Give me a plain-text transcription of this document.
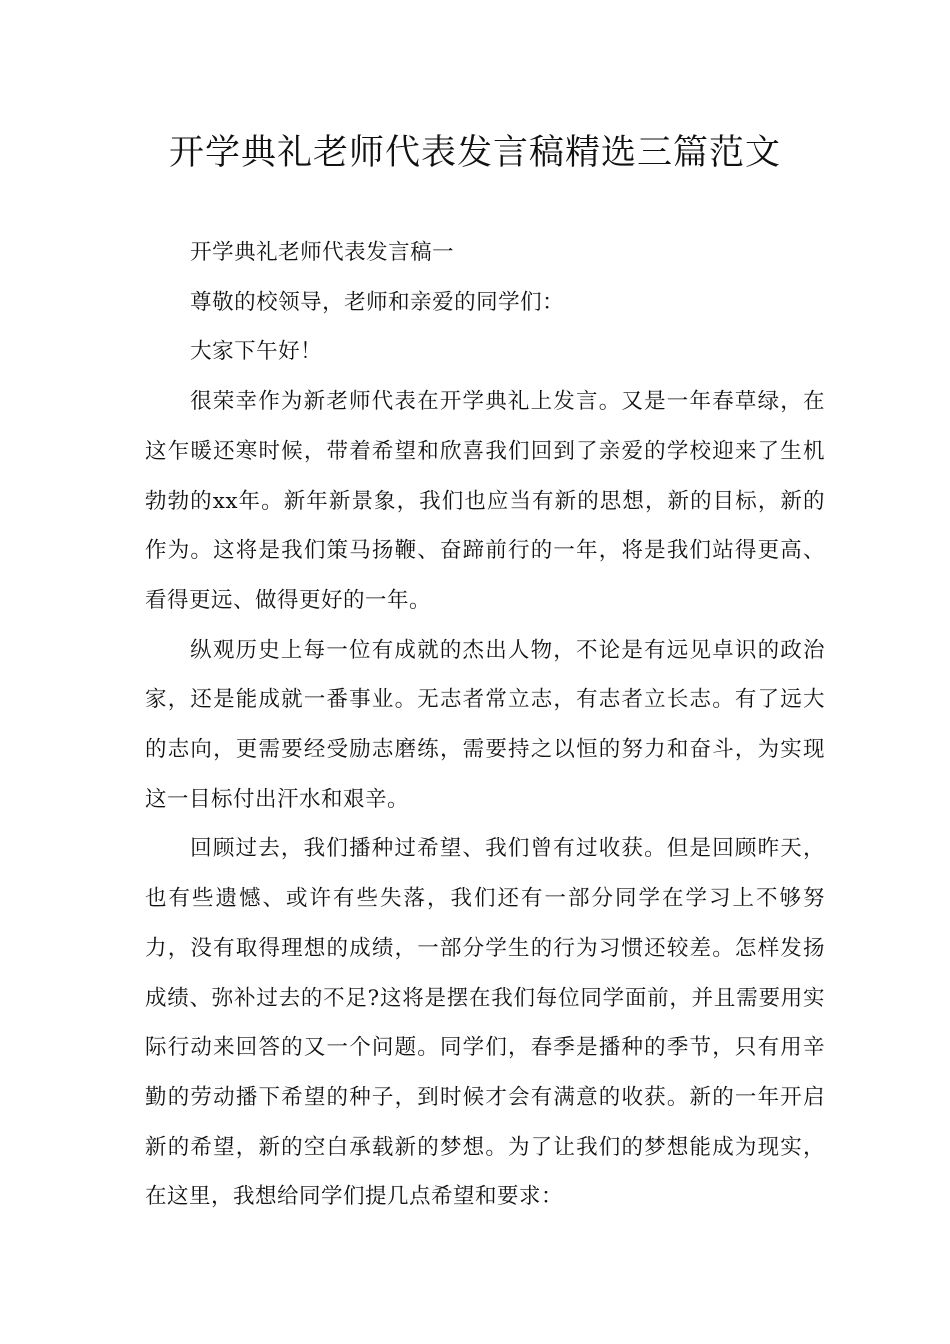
开学典礼老师代表发言稿精选三篇范文

开学典礼老师代表发言稿一

尊敬的校领导，老师和亲爱的同学们：

大家下午好！

很荣幸作为新老师代表在开学典礼上发言。又是一年春草绿，在这乍暖还寒时候，带着希望和欣喜我们回到了亲爱的学校迎来了生机勃勃的xx年。新年新景象，我们也应当有新的思想，新的目标，新的作为。这将是我们策马扬鞭、奋蹄前行的一年，将是我们站得更高、看得更远、做得更好的一年。

纵观历史上每一位有成就的杰出人物，不论是有远见卓识的政治家，还是能成就一番事业。无志者常立志，有志者立长志。有了远大的志向，更需要经受励志磨练，需要持之以恒的努力和奋斗，为实现这一目标付出汗水和艰辛。

回顾过去，我们播种过希望、我们曾有过收获。但是回顾昨天，也有些遗憾、或许有些失落，我们还有一部分同学在学习上不够努力，没有取得理想的成绩，一部分学生的行为习惯还较差。怎样发扬成绩、弥补过去的不足?这将是摆在我们每位同学面前，并且需要用实际行动来回答的又一个问题。同学们，春季是播种的季节，只有用辛勤的劳动播下希望的种子，到时候才会有满意的收获。新的一年开启新的希望，新的空白承载新的梦想。为了让我们的梦想能成为现实，在这里，我想给同学们提几点希望和要求：
